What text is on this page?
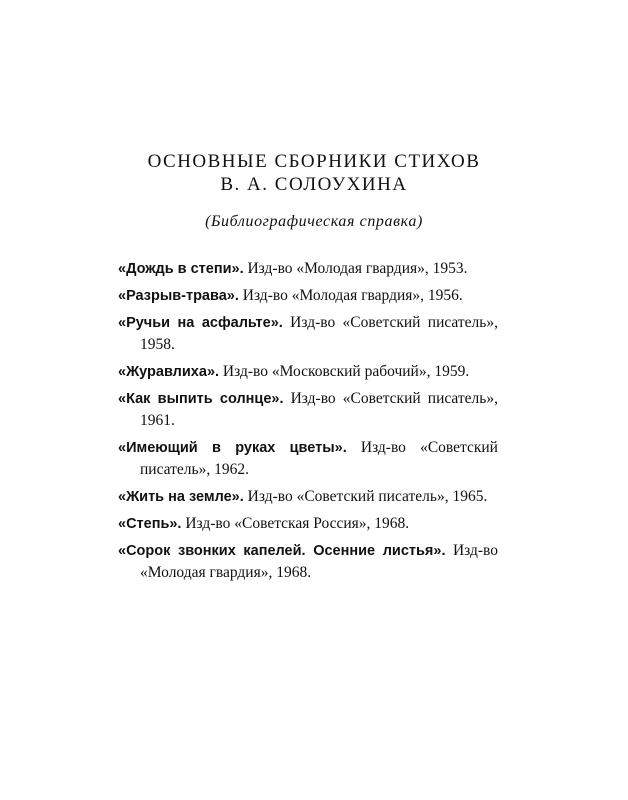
ОСНОВНЫЕ СБОРНИКИ СТИХОВ
В. А. СОЛОУХИНА
(Библиографическая справка)
«Дождь в степи». Изд-во «Молодая гвардия», 1953.
«Разрыв-трава». Изд-во «Молодая гвардия», 1956.
«Ручьи на асфальте». Изд-во «Советский писатель», 1958.
«Журавлиха». Изд-во «Московский рабочий», 1959.
«Как выпить солнце». Изд-во «Советский писатель», 1961.
«Имеющий в руках цветы». Изд-во «Советский писатель», 1962.
«Жить на земле». Изд-во «Советский писатель», 1965.
«Степь». Изд-во «Советская Россия», 1968.
«Сорок звонких капелей. Осенние листья». Изд-во «Молодая гвардия», 1968.
